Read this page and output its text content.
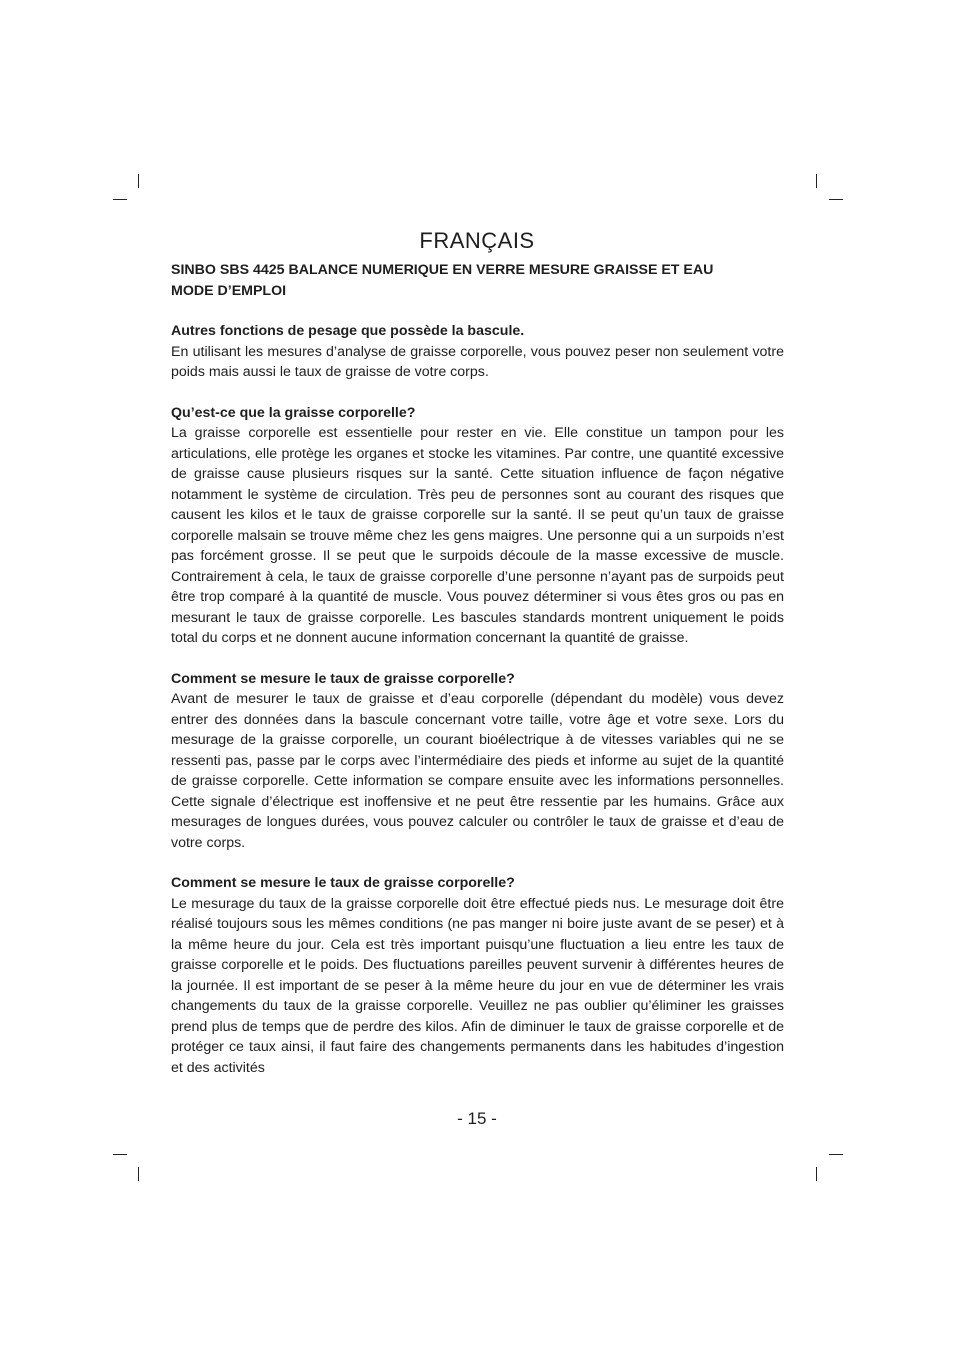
FRANÇAIS
SINBO SBS 4425 BALANCE NUMERIQUE EN VERRE MESURE GRAISSE ET EAU
MODE D’EMPLOI

Autres fonctions de pesage que possède la bascule.

En utilisant les mesures d’analyse de graisse corporelle, vous pouvez peser non seulement votre poids mais aussi le taux de graisse de votre corps.

Qu’est-ce que la graisse corporelle?

La graisse corporelle est essentielle pour rester en vie. Elle constitue un tampon pour les articulations, elle protège les organes et stocke les vitamines. Par contre, une quantité excessive de graisse cause plusieurs risques sur la santé. Cette situation influence de façon négative notamment le système de circulation. Très peu de personnes sont au courant des risques que causent les kilos et le taux de graisse corporelle sur la santé. Il se peut qu’un taux de graisse corporelle malsain se trouve même chez les gens maigres. Une personne qui a un surpoids n’est pas forcément grosse. Il se peut que le surpoids découle de la masse excessive de muscle. Contrairement à cela, le taux de graisse corporelle d’une personne n’ayant pas de surpoids peut être trop comparé à la quantité de muscle. Vous pouvez déterminer si vous êtes gros ou pas en mesurant le taux de graisse corporelle. Les bascules standards montrent uniquement le poids total du corps et ne donnent aucune information concernant la quantité de graisse.

Comment se mesure le taux de graisse corporelle?

Avant de mesurer le taux de graisse et d’eau corporelle (dépendant du modèle) vous devez entrer des données dans la bascule concernant votre taille, votre âge et votre sexe. Lors du mesurage de la graisse corporelle, un courant bioélectrique à de vitesses variables qui ne se ressenti pas, passe par le corps avec l’intermédiaire des pieds et informe au sujet de la quantité de graisse corporelle. Cette information se compare ensuite avec les informations personnelles. Cette signale d’électrique est inoffensive et ne peut être ressentie par les humains. Grâce aux mesurages de longues durées, vous pouvez calculer ou contrôler le taux de graisse et d’eau de votre corps.

Comment se mesure le taux de graisse corporelle?

Le mesurage du taux de la graisse corporelle doit être effectué pieds nus. Le mesurage doit être réalisé toujours sous les mêmes conditions (ne pas manger ni boire juste avant de se peser) et à la même heure du jour. Cela est très important puisqu’une fluctuation a lieu entre les taux de graisse corporelle et le poids. Des fluctuations pareilles peuvent survenir à différentes heures de la journée. Il est important de se peser à la même heure du jour en vue de déterminer les vrais changements du taux de la graisse corporelle. Veuillez ne pas oublier qu’éliminer les graisses prend plus de temps que de perdre des kilos. Afin de diminuer le taux de graisse corporelle et de protéger ce taux ainsi, il faut faire des changements permanents dans les habitudes d’ingestion et des activités

- 15 -
